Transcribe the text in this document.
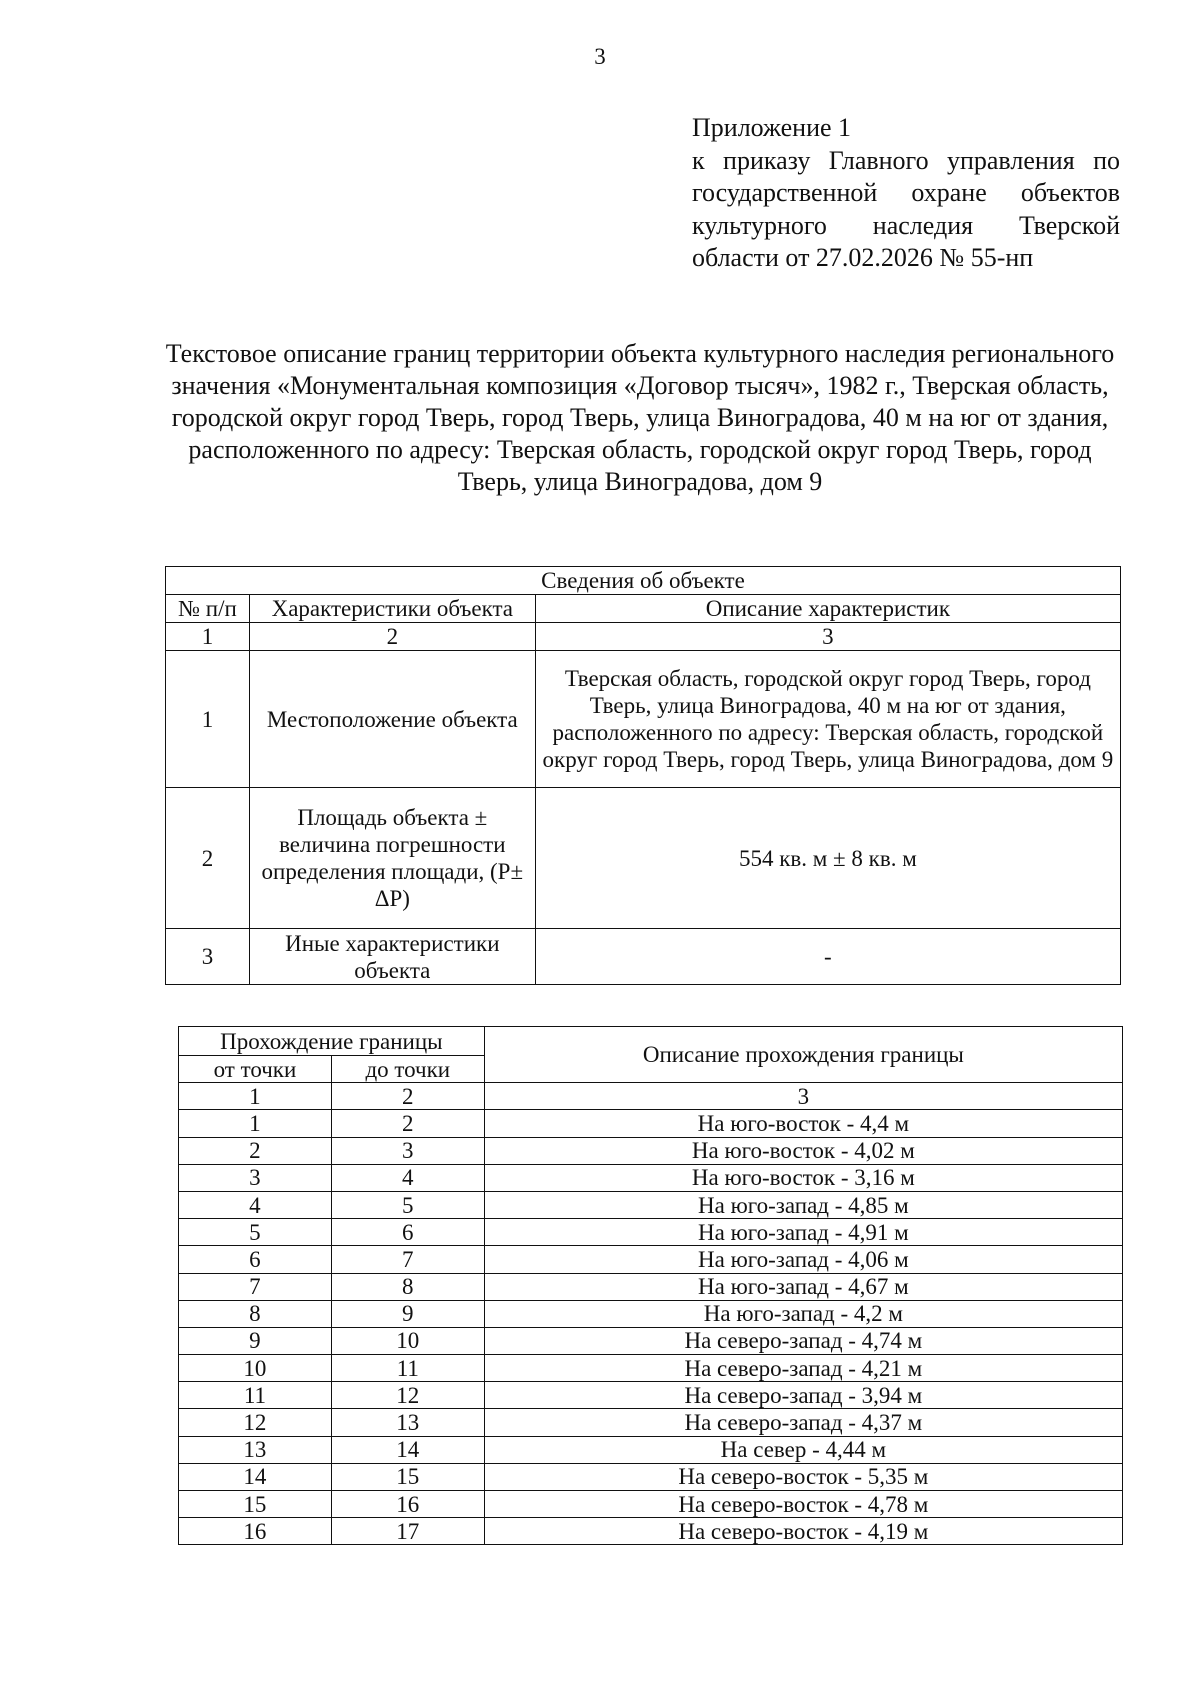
3
Приложение 1
к приказу Главного управления по государственной охране объектов культурного наследия Тверской области от 27.02.2026 № 55-нп
Текстовое описание границ территории объекта культурного наследия регионального значения «Монументальная композиция «Договор тысяч», 1982 г., Тверская область, городской округ город Тверь, город Тверь, улица Виноградова, 40 м на юг от здания, расположенного по адресу: Тверская область, городской округ город Тверь, город Тверь, улица Виноградова, дом 9
Сведения об объекте		
№ п/п	Характеристики объекта	Описание характеристик
1	2	3
1	Местоположение объекта	Тверская область, городской округ город Тверь, город Тверь, улица Виноградова, 40 м на юг от здания, расположенного по адресу: Тверская область, городской округ город Тверь, город Тверь, улица Виноградова, дом 9
2	Площадь объекта ± величина погрешности определения площади, (Р± ΔР)	554 кв. м ± 8 кв. м
3	Иные характеристики объекта	-
Прохождение границы		Описание прохождения границы
от точки	до точки	
1	2	3
1	2	На юго-восток - 4,4 м
2	3	На юго-восток - 4,02 м
3	4	На юго-восток - 3,16 м
4	5	На юго-запад - 4,85 м
5	6	На юго-запад - 4,91 м
6	7	На юго-запад - 4,06 м
7	8	На юго-запад - 4,67 м
8	9	На юго-запад - 4,2 м
9	10	На северо-запад - 4,74 м
10	11	На северо-запад - 4,21 м
11	12	На северо-запад - 3,94 м
12	13	На северо-запад - 4,37 м
13	14	На север - 4,44 м
14	15	На северо-восток - 5,35 м
15	16	На северо-восток - 4,78 м
16	17	На северо-восток - 4,19 м
